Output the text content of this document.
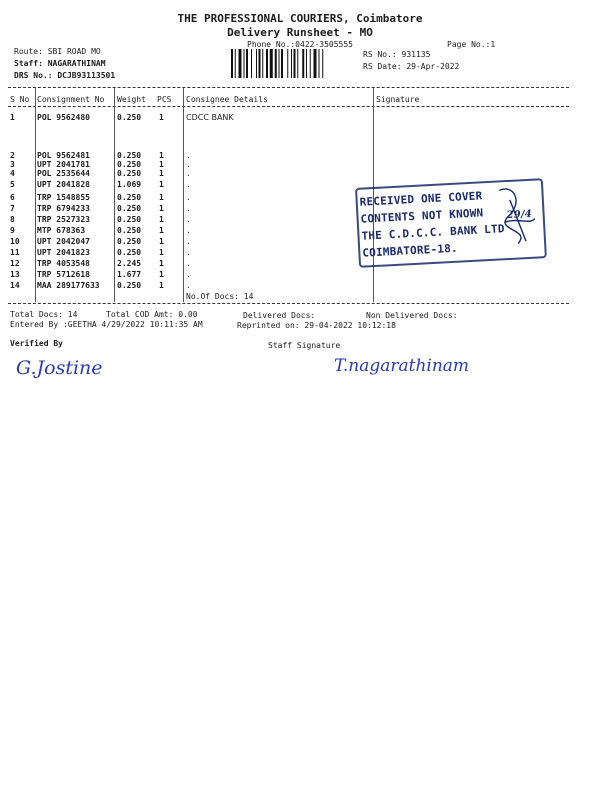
THE PROFESSIONAL COURIERS, Coimbatore
Delivery Runsheet - MO
Phone No.:0422-3505555	Page No.:1
Route: SBI ROAD MO
Staff: NAGARATHINAM
DRS No.: DCJB93113501
RS No.: 931135
RS Date: 29-Apr-2022
S No Consignment No Weight PCS Consignee Details	Signature
1	POL 9562480	0.250 1	CDCC BANK
2	POL 9562481	0.250 1	.
3	UPT 2041781	0.250 1	.
4	POL 2535644	0.250 1	.
5	UPT 2041828	1.069 1	.
6	TRP 1548855	0.250 1	.
7	TRP 6794233	0.250 1	.
8	TRP 2527323	0.250 1	.
9	MTP 678363	0.250 1	.
10 UPT 2042047	0.250 1	.
11 UPT 2041823	0.250 1	.
12 TRP 4053548	2.245 1	.
13 TRP 5712618	1.677 1	.
14 MAA 289177633 0.250 1	.
No.Of Docs: 14
RECEIVED ONE COVER
CONTENTS NOT KNOWN
THE C.D.C.C. BANK LTD
COIMBATORE-18.
29/4
Total Docs: 14	Total COD Amt: 0.00	Delivered Docs:	Non Delivered Docs:
Entered By :GEETHA 4/29/2022 10:11:35 AM	Reprinted on: 29-04-2022 10:12:18
Verified By
G.Jostine
Staff Signature
T.nagarathinam
